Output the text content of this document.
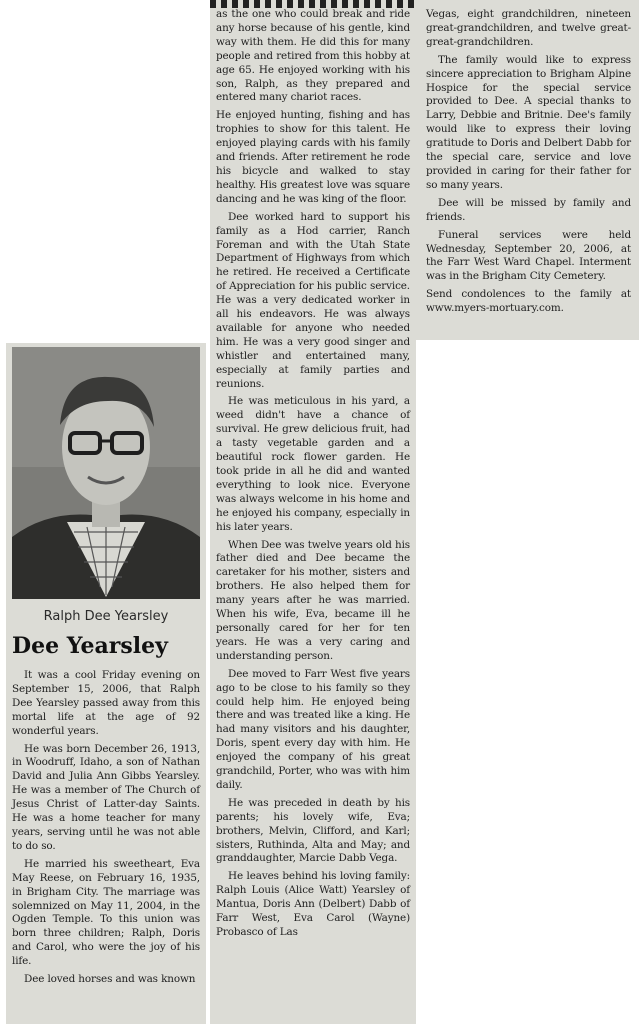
Ralph Dee Yearsley
Dee Yearsley

It was a cool Friday evening on September 15, 2006, that Ralph Dee Yearsley passed away from this mortal life at the age of 92 wonderful years.

He was born December 26, 1913, in Woodruff, Idaho, a son of Nathan David and Julia Ann Gibbs Yearsley. He was a member of The Church of Jesus Christ of Latter-day Saints. He was a home teacher for many years, serving until he was not able to do so.

He married his sweetheart, Eva May Reese, on February 16, 1935, in Brigham City. The marriage was solemnized on May 11, 2004, in the Ogden Temple. To this union was born three children; Ralph, Doris and Carol, who were the joy of his life.

Dee loved horses and was known

as the one who could break and ride any horse because of his gentle, kind way with them. He did this for many people and retired from this hobby at age 65. He enjoyed working with his son, Ralph, as they prepared and entered many chariot races.

He enjoyed hunting, fishing and has trophies to show for this talent. He enjoyed playing cards with his family and friends. After retirement he rode his bicycle and walked to stay healthy. His greatest love was square dancing and he was king of the floor.

Dee worked hard to support his family as a Hod carrier, Ranch Foreman and with the Utah State Department of Highways from which he retired. He received a Certificate of Appreciation for his public service. He was a very dedicated worker in all his endeavors. He was always available for anyone who needed him. He was a very good singer and whistler and entertained many, especially at family parties and reunions.

He was meticulous in his yard, a weed didn't have a chance of survival. He grew delicious fruit, had a tasty vegetable garden and a beautiful rock flower garden. He took pride in all he did and wanted everything to look nice. Everyone was always welcome in his home and he enjoyed his company, especially in his later years.

When Dee was twelve years old his father died and Dee became the caretaker for his mother, sisters and brothers. He also helped them for many years after he was married. When his wife, Eva, became ill he personally cared for her for ten years. He was a very caring and understanding person.

Dee moved to Farr West five years ago to be close to his family so they could help him. He enjoyed being there and was treated like a king. He had many visitors and his daughter, Doris, spent every day with him. He enjoyed the company of his great grandchild, Porter, who was with him daily.

He was preceded in death by his parents; his lovely wife, Eva; brothers, Melvin, Clifford, and Karl; sisters, Ruthinda, Alta and May; and granddaughter, Marcie Dabb Vega.

He leaves behind his loving family: Ralph Louis (Alice Watt) Yearsley of Mantua, Doris Ann (Delbert) Dabb of Farr West, Eva Carol (Wayne) Probasco of Las

Vegas, eight grandchildren, nineteen great-grandchildren, and twelve great-great-grandchildren.

The family would like to express sincere appreciation to Brigham Alpine Hospice for the special service provided to Dee. A special thanks to Larry, Debbie and Britnie. Dee's family would like to express their loving gratitude to Doris and Delbert Dabb for the special care, service and love provided in caring for their father for so many years.

Dee will be missed by family and friends.

Funeral services were held Wednesday, September 20, 2006, at the Farr West Ward Chapel. Interment was in the Brigham City Cemetery.

Send condolences to the family at www.myers-mortuary.com.
